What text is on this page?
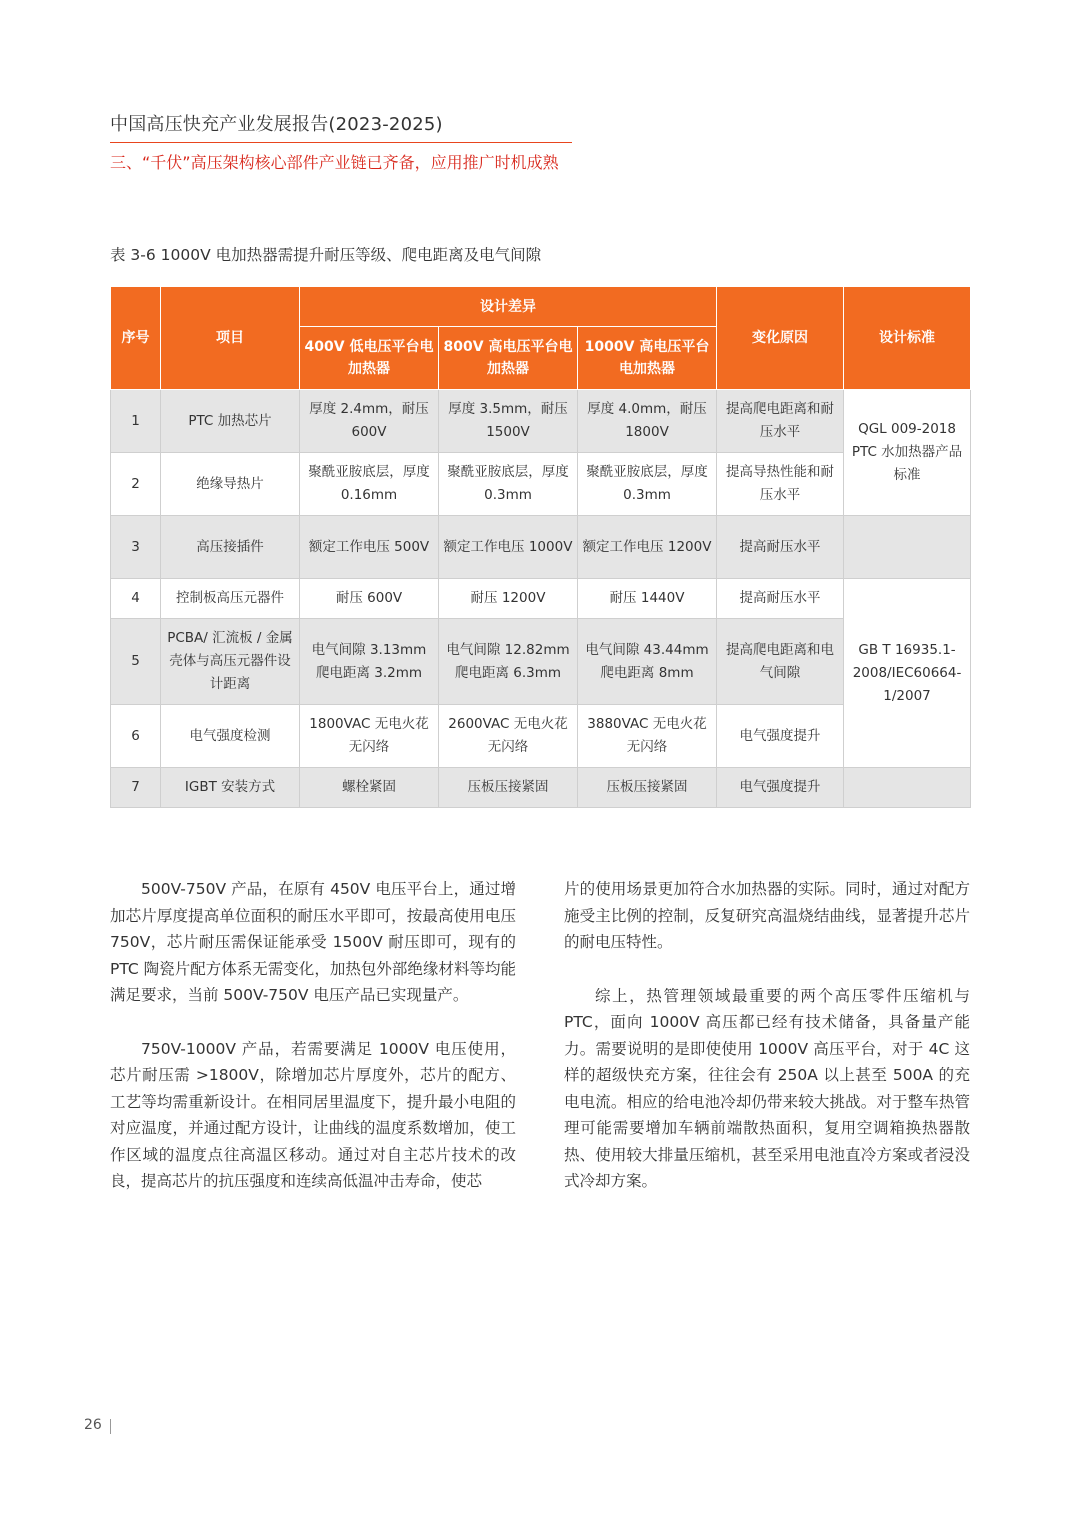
中国高压快充产业发展报告(2023-2025)
三、“千伏”高压架构核心部件产业链已齐备，应用推广时机成熟
表 3-6 1000V 电加热器需提升耐压等级、爬电距离及电气间隙
序号	项目	设计差异			变化原因	设计标准
		400V 低电压平台电加热器	800V 高电压平台电加热器	1000V 高电压平台电加热器		
1	PTC 加热芯片	厚度 2.4mm，耐压 600V	厚度 3.5mm，耐压 1500V	厚度 4.0mm，耐压 1800V	提高爬电距离和耐压水平	QGL 009-2018 PTC 水加热器产品标准
2	绝缘导热片	聚酰亚胺底层，厚度 0.16mm	聚酰亚胺底层，厚度 0.3mm	聚酰亚胺底层，厚度 0.3mm	提高导热性能和耐压水平	
3	高压接插件	额定工作电压 500V	额定工作电压 1000V	额定工作电压 1200V	提高耐压水平	
4	控制板高压元器件	耐压 600V	耐压 1200V	耐压 1440V	提高耐压水平	GB T 16935.1-2008/IEC60664-1/2007
5	PCBA/ 汇流板 / 金属壳体与高压元器件设计距离	电气间隙 3.13mm 爬电距离 3.2mm	电气间隙 12.82mm 爬电距离 6.3mm	电气间隙 43.44mm 爬电距离 8mm	提高爬电距离和电气间隙	
6	电气强度检测	1800VAC 无电火花无闪络	2600VAC 无电火花无闪络	3880VAC 无电火花无闪络	电气强度提升	
7	IGBT 安装方式	螺栓紧固	压板压接紧固	压板压接紧固	电气强度提升	

500V-750V 产品，在原有 450V 电压平台上，通过增加芯片厚度提高单位面积的耐压水平即可，按最高使用电压 750V，芯片耐压需保证能承受 1500V 耐压即可，现有的 PTC 陶瓷片配方体系无需变化，加热包外部绝缘材料等均能满足要求，当前 500V-750V 电压产品已实现量产。

750V-1000V 产品，若需要满足 1000V 电压使用，芯片耐压需 >1800V，除增加芯片厚度外，芯片的配方、工艺等均需重新设计。在相同居里温度下，提升最小电阻的对应温度，并通过配方设计，让曲线的温度系数增加，使工作区域的温度点往高温区移动。通过对自主芯片技术的改良，提高芯片的抗压强度和连续高低温冲击寿命，使芯

片的使用场景更加符合水加热器的实际。同时，通过对配方施受主比例的控制，反复研究高温烧结曲线，显著提升芯片的耐电压特性。

综上，热管理领域最重要的两个高压零件压缩机与 PTC，面向 1000V 高压都已经有技术储备，具备量产能力。需要说明的是即使使用 1000V 高压平台，对于 4C 这样的超级快充方案，往往会有 250A 以上甚至 500A 的充电电流。相应的给电池冷却仍带来较大挑战。对于整车热管理可能需要增加车辆前端散热面积，复用空调箱换热器散热、使用较大排量压缩机，甚至采用电池直冷方案或者浸没式冷却方案。

26
